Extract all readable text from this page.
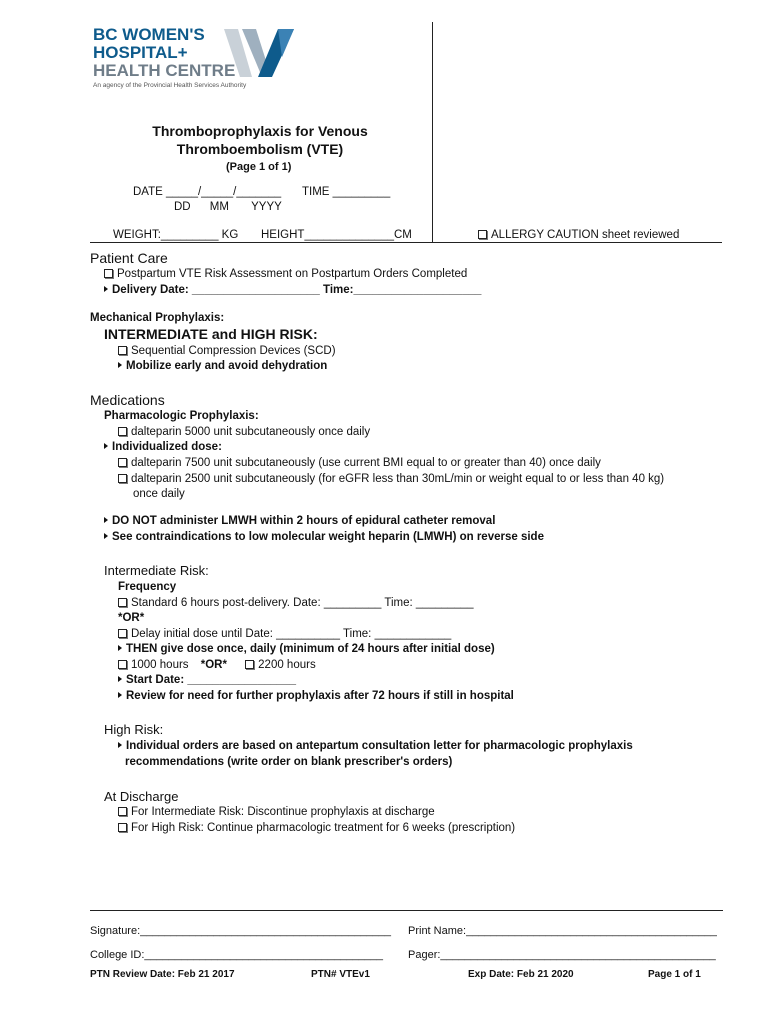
BC WOMEN'S
HOSPITAL+
HEALTH CENTRE
An agency of the Provincial Health Services Authority
Thromboprophylaxis for Venous
Thromboembolism (VTE)
(Page 1 of 1)
DATE _____/_____/_______ TIME _________
DD      MM       YYYY
WEIGHT:_________ KG HEIGHT______________CM	ALLERGY CAUTION sheet reviewed
Patient Care
Postpartum VTE Risk Assessment on Postpartum Orders Completed
Delivery Date: ____________________ Time:____________________
Mechanical Prophylaxis:
INTERMEDIATE and HIGH RISK:
Sequential Compression Devices (SCD)
Mobilize early and avoid dehydration
Medications
Pharmacologic Prophylaxis:
dalteparin 5000 unit subcutaneously once daily
Individualized dose:
dalteparin 7500 unit subcutaneously (use current BMI equal to or greater than 40) once daily
dalteparin 2500 unit subcutaneously (for eGFR less than 30mL/min or weight equal to or less than 40 kg)
once daily
DO NOT administer LMWH within 2 hours of epidural catheter removal
See contraindications to low molecular weight heparin (LMWH) on reverse side
Intermediate Risk:
Frequency
Standard 6 hours post-delivery. Date: _________ Time: _________
*OR*
Delay initial dose until Date: __________ Time: ____________
THEN give dose once, daily (minimum of 24 hours after initial dose)
1000 hours *OR*	2200 hours
Start Date: _________________
Review for need for further prophylaxis after 72 hours if still in hospital
High Risk:
Individual orders are based on antepartum consultation letter for pharmacologic prophylaxis
recommendations (write order on blank prescriber's orders)
At Discharge
For Intermediate Risk: Discontinue prophylaxis at discharge
For High Risk: Continue pharmacologic treatment for 6 weeks (prescription)
Signature:_________________________________________ Print Name:_________________________________________
College ID:_______________________________________ Pager:_____________________________________________
PTN Review Date: Feb 21 2017	PTN# VTEv1	Exp Date: Feb 21 2020	Page 1 of 1
